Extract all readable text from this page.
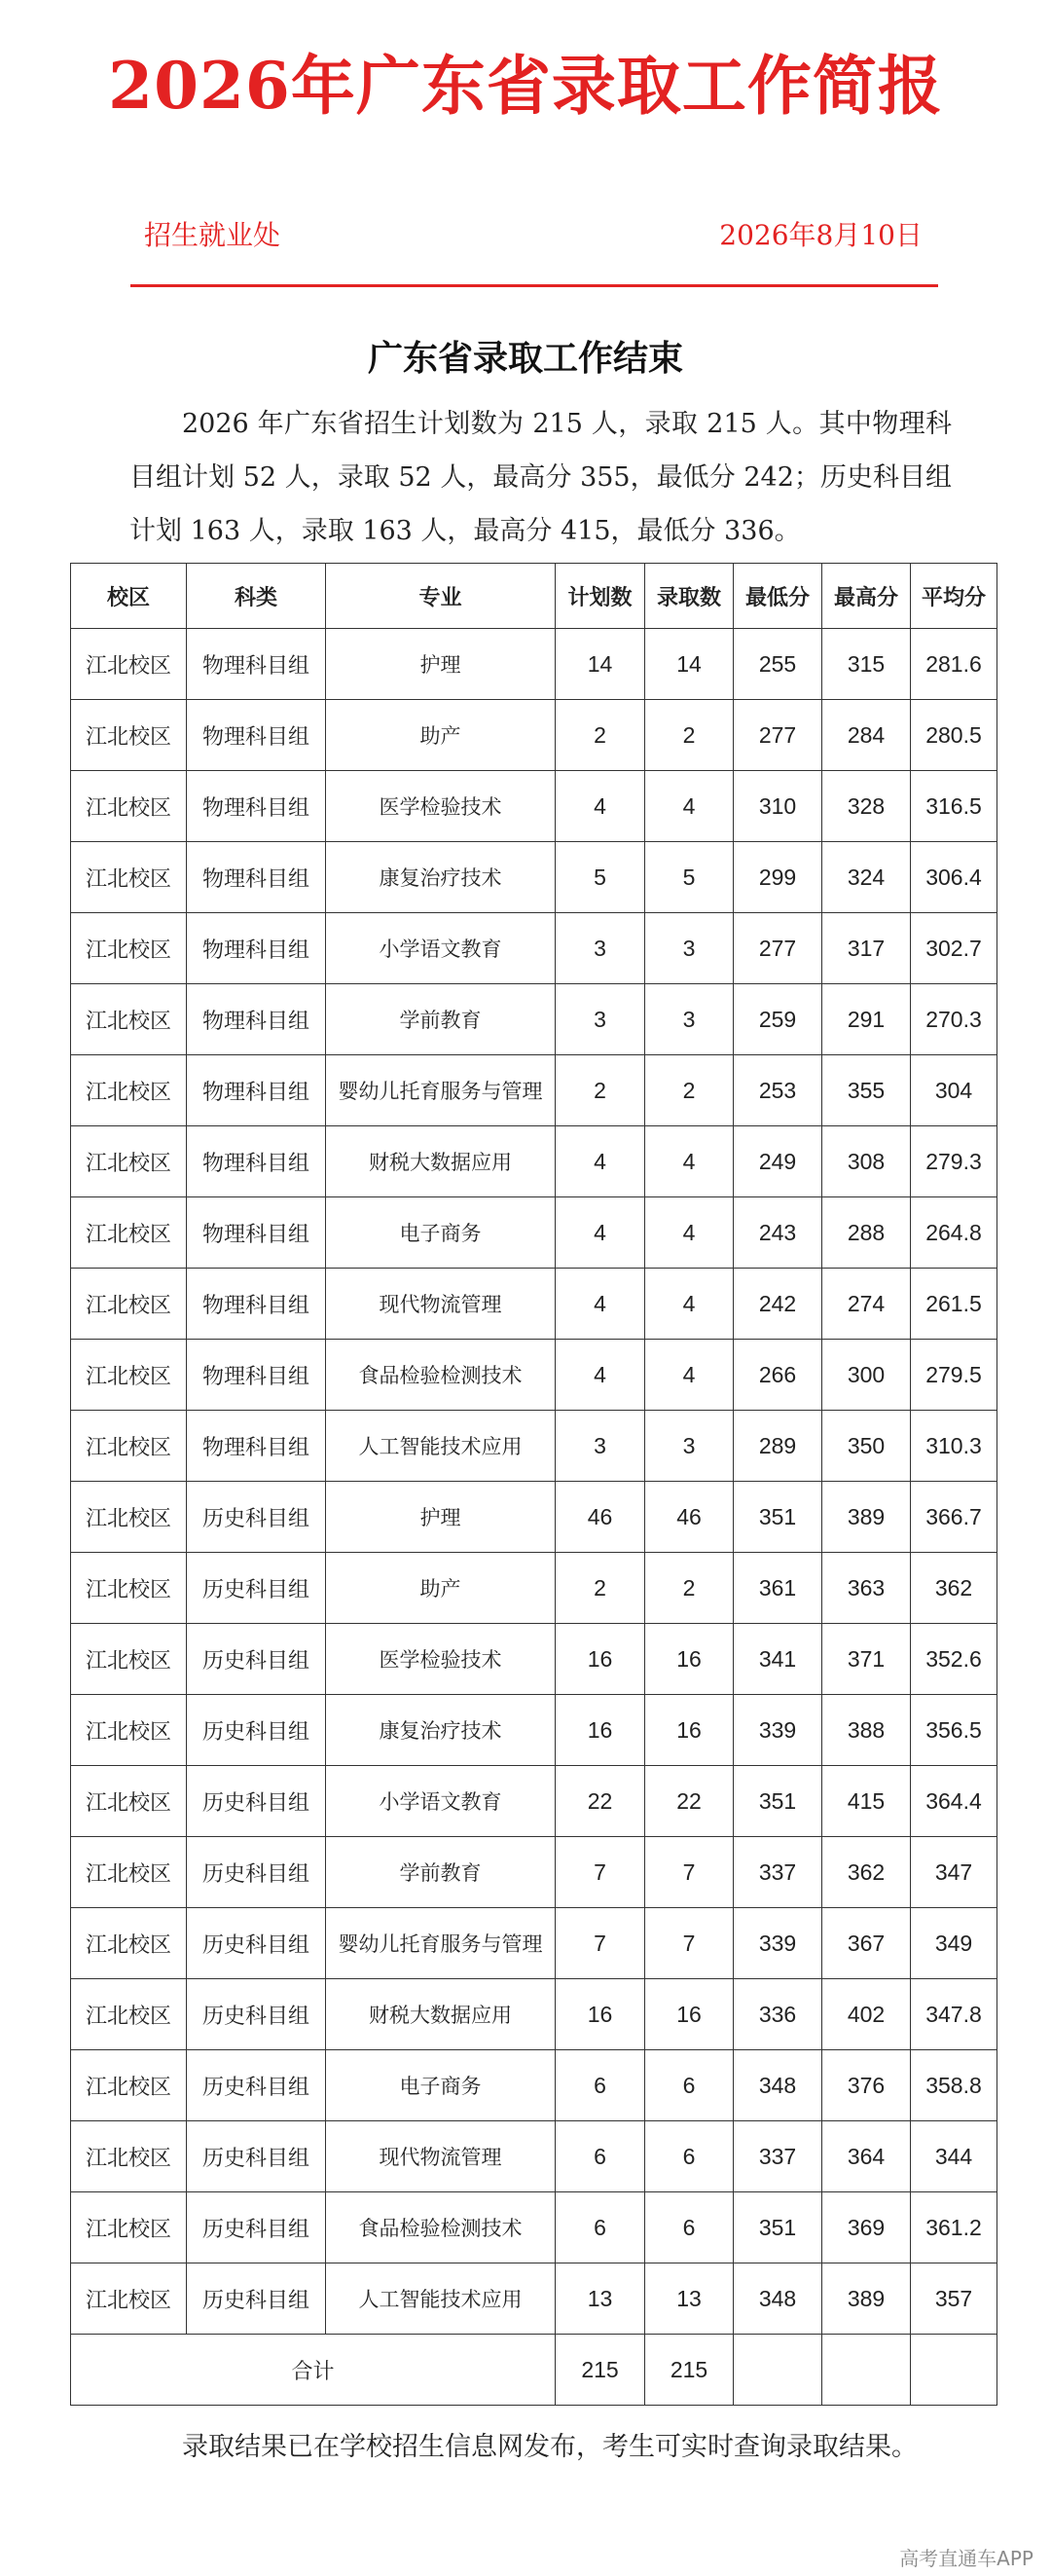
2026年广东省录取工作简报
招生就业处	2026年8月10日
广东省录取工作结束
2026 年广东省招生计划数为 215 人，录取 215 人。其中物理科目组计划 52 人，录取 52 人，最高分 355，最低分 242；历史科目组计划 163 人，录取 163 人，最高分 415，最低分 336。
校区	科类	专业	计划数	录取数	最低分	最高分	平均分
江北校区	物理科目组	护理	14	14	255	315	281.6
江北校区	物理科目组	助产	2	2	277	284	280.5
江北校区	物理科目组	医学检验技术	4	4	310	328	316.5
江北校区	物理科目组	康复治疗技术	5	5	299	324	306.4
江北校区	物理科目组	小学语文教育	3	3	277	317	302.7
江北校区	物理科目组	学前教育	3	3	259	291	270.3
江北校区	物理科目组	婴幼儿托育服务与管理	2	2	253	355	304
江北校区	物理科目组	财税大数据应用	4	4	249	308	279.3
江北校区	物理科目组	电子商务	4	4	243	288	264.8
江北校区	物理科目组	现代物流管理	4	4	242	274	261.5
江北校区	物理科目组	食品检验检测技术	4	4	266	300	279.5
江北校区	物理科目组	人工智能技术应用	3	3	289	350	310.3
江北校区	历史科目组	护理	46	46	351	389	366.7
江北校区	历史科目组	助产	2	2	361	363	362
江北校区	历史科目组	医学检验技术	16	16	341	371	352.6
江北校区	历史科目组	康复治疗技术	16	16	339	388	356.5
江北校区	历史科目组	小学语文教育	22	22	351	415	364.4
江北校区	历史科目组	学前教育	7	7	337	362	347
江北校区	历史科目组	婴幼儿托育服务与管理	7	7	339	367	349
江北校区	历史科目组	财税大数据应用	16	16	336	402	347.8
江北校区	历史科目组	电子商务	6	6	348	376	358.8
江北校区	历史科目组	现代物流管理	6	6	337	364	344
江北校区	历史科目组	食品检验检测技术	6	6	351	369	361.2
江北校区	历史科目组	人工智能技术应用	13	13	348	389	357
合计			215	215			
录取结果已在学校招生信息网发布，考生可实时查询录取结果。
高考直通车APP
